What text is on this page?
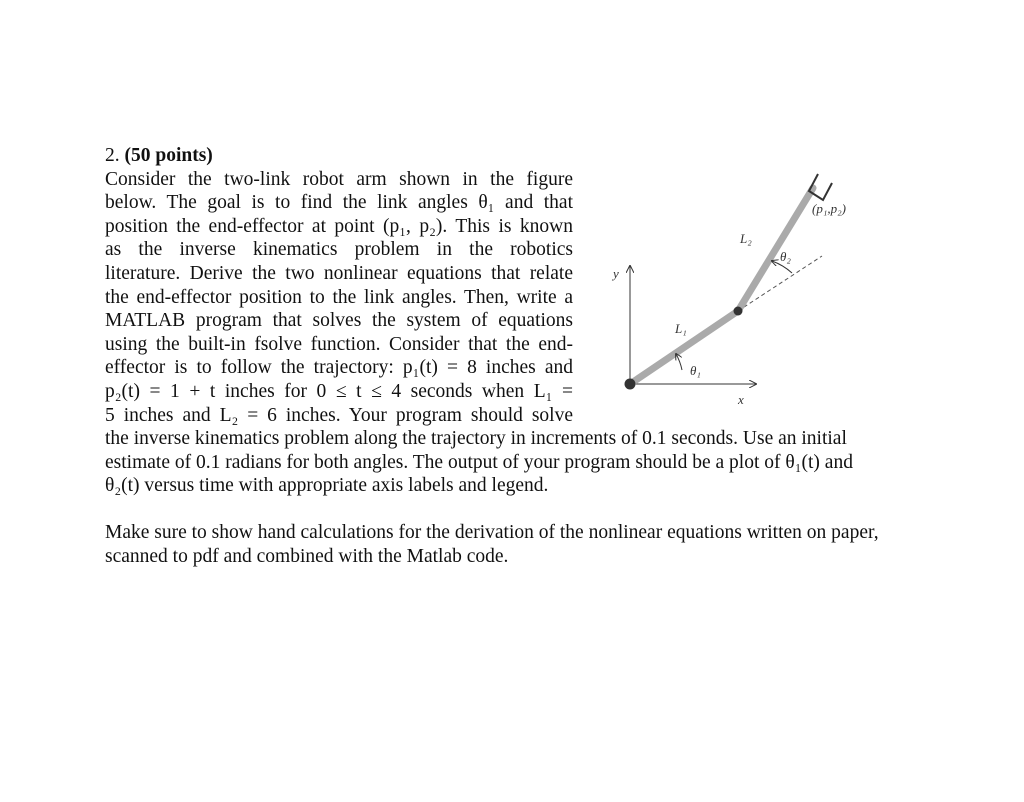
2. (50 points)

Consider the two-link robot arm shown in the figure
below. The goal is to find the link angles θ₁ and that
position the end-effector at point (p₁, p₂). This is known
as the inverse kinematics problem in the robotics
literature. Derive the two nonlinear equations that relate
the end-effector position to the link angles. Then, write a
MATLAB program that solves the system of equations
using the built-in fsolve function. Consider that the end-
effector is to follow the trajectory: p₁(t) = 8 inches and
p₂(t) = 1 + t inches for 0 ≤ t ≤ 4 seconds when L₁ =
5 inches and L₂ = 6 inches. Your program should solve
the inverse kinematics problem along the trajectory in increments of 0.1 seconds. Use an initial
estimate of 0.1 radians for both angles. The output of your program should be a plot of θ₁(t) and
θ₂(t) versus time with appropriate axis labels and legend.
Make sure to show hand calculations for the derivation of the nonlinear equations written on paper,
scanned to pdf and combined with the Matlab code.
(p₁,p₂)
L₂
θ₂
L₁
θ₁
y
x
